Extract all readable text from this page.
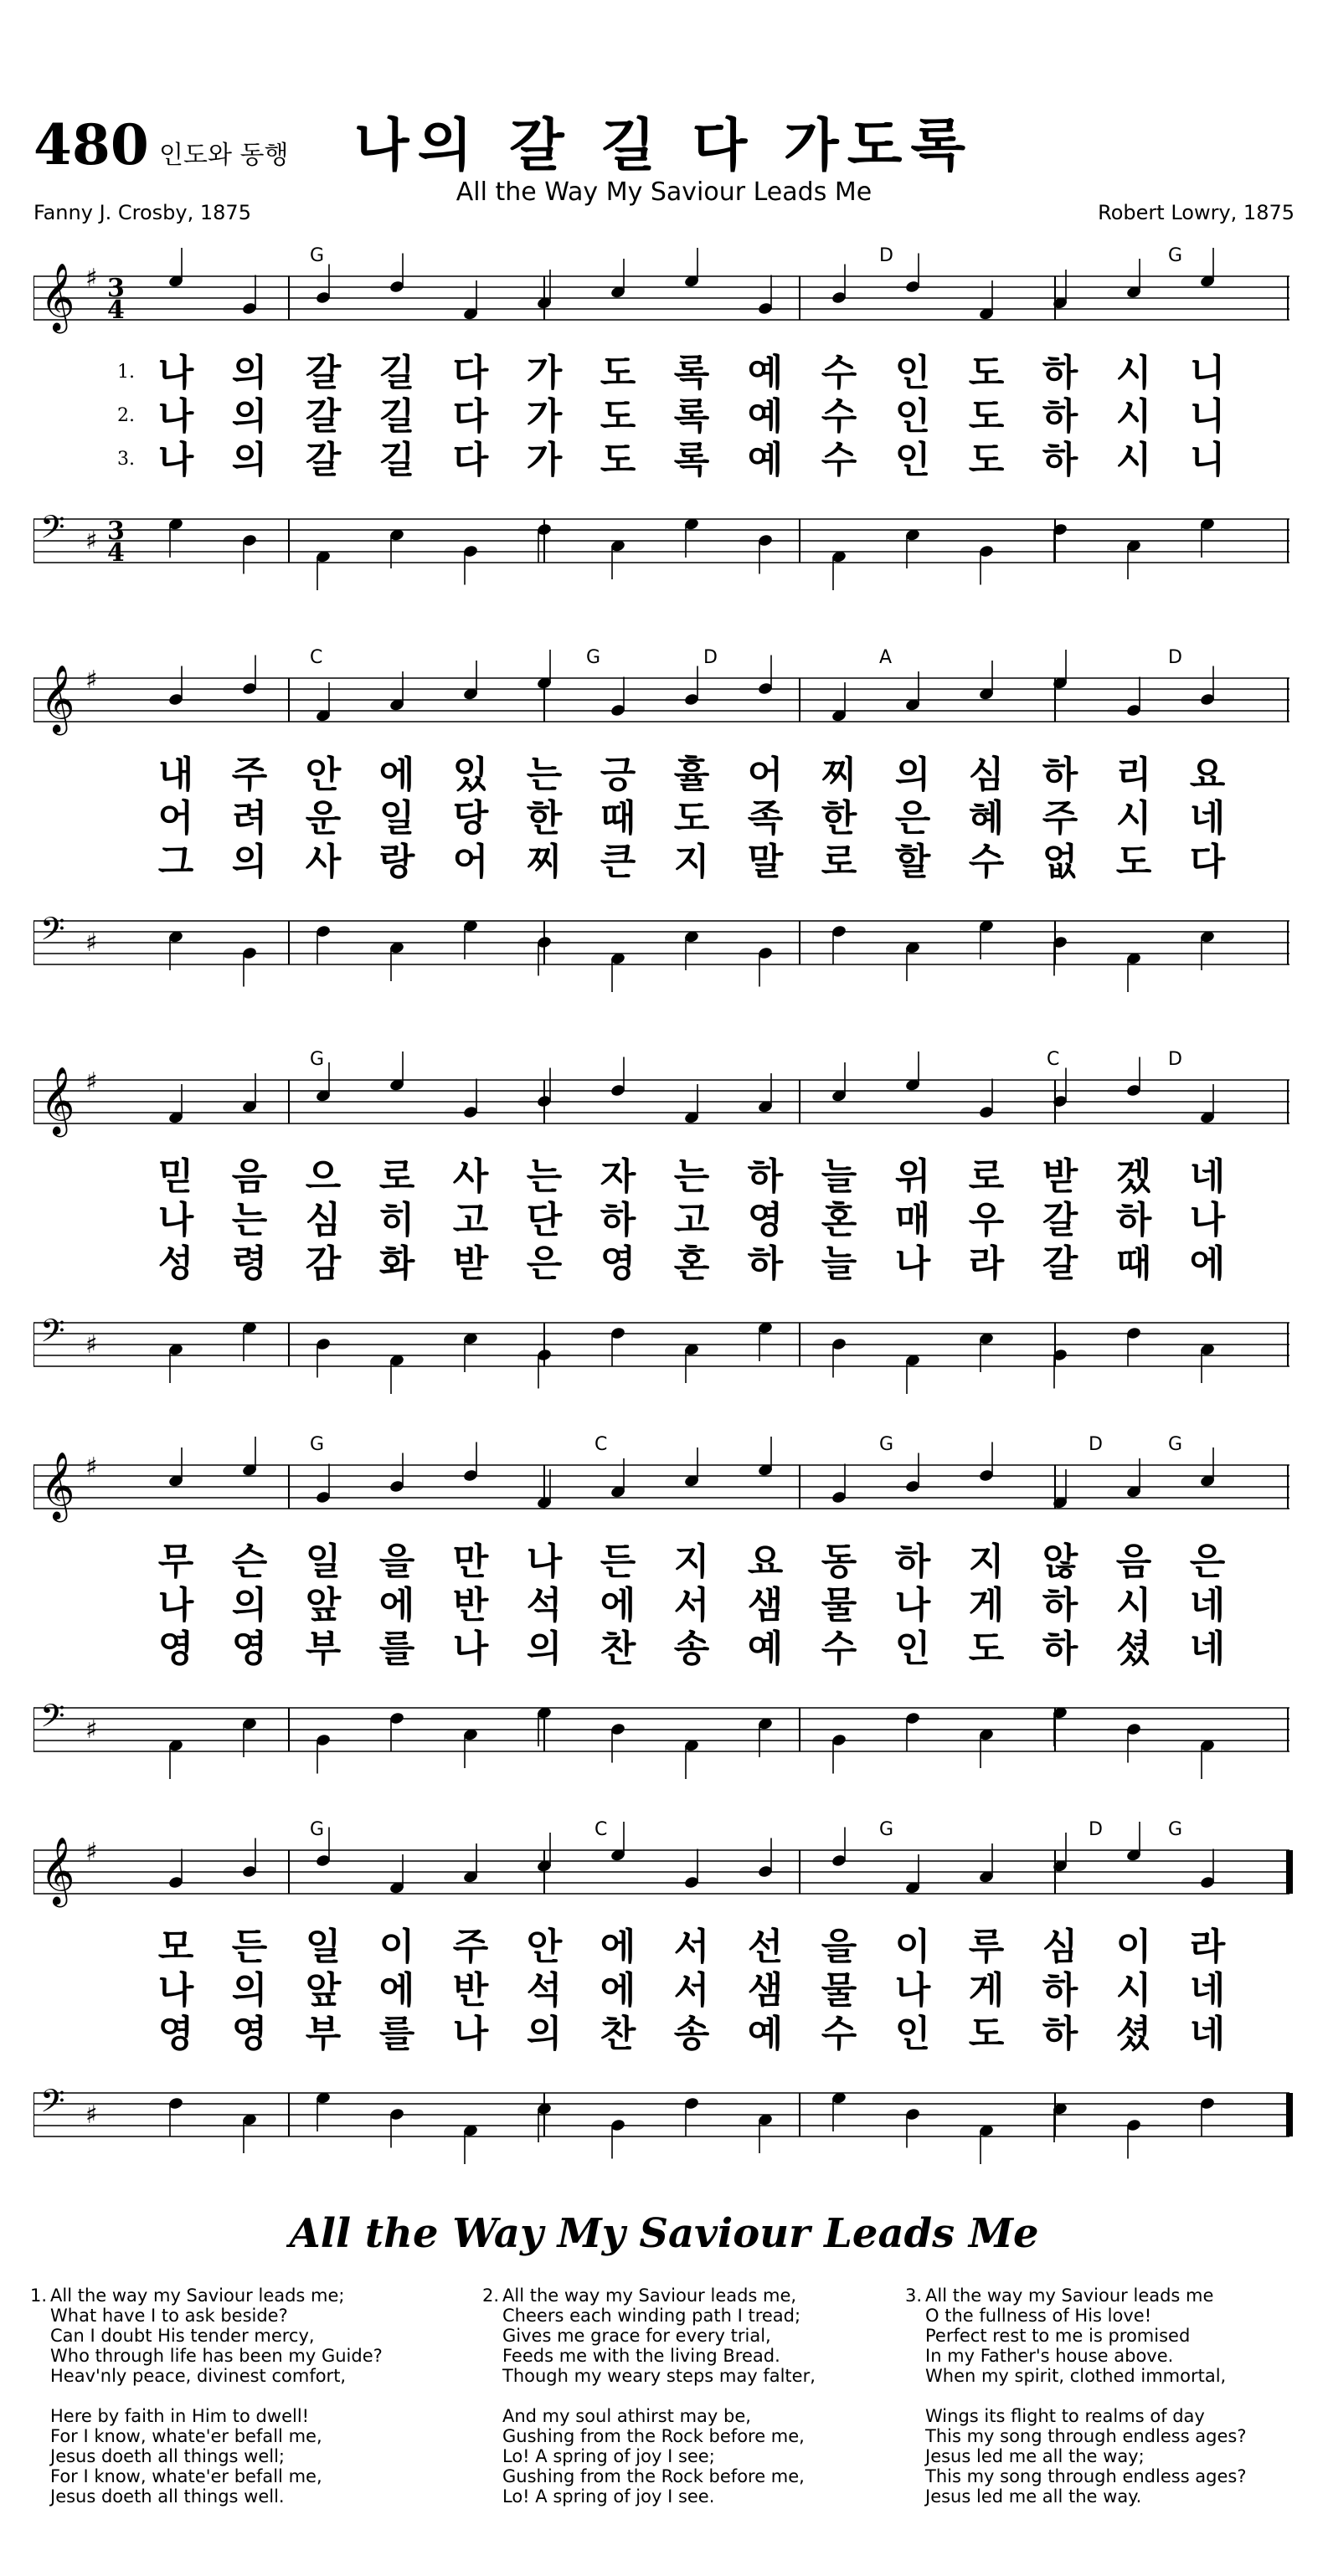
480 인도와 동행	나의 갈 길 다 가도록
All the Way My Saviour Leads Me
Fanny J. Crosby, 1875	Robert Lowry, 1875
𝄞 ♯ 3
4
𝄢 ♯ 3
4
G	D	G
1. 나 의 갈 길 다 가 도 록 예 수 인 도 하 시 니
2. 나 의 갈 길 다 가 도 록 예 수 인 도 하 시 니
3. 나 의 갈 길 다 가 도 록 예 수 인 도 하 시 니
𝄞 ♯
𝄢 ♯
C	G	D	A	D
내 주 안 에 있 는 긍 휼 어 찌 의 심 하 리 요
어 려 운 일 당 한 때 도 족 한 은 혜 주 시 네
그 의 사 랑 어 찌 큰 지 말 로 할 수 없 도 다
𝄞 ♯
𝄢 ♯
G	C	D
믿 음 으 로 사 는 자 는 하 늘 위 로 받 겠 네
나 는 심 히 고 단 하 고 영 혼 매 우 갈 하 나
성 령 감 화 받 은 영 혼 하 늘 나 라 갈 때 에
𝄞 ♯
𝄢 ♯
G	C	G	D	G
무 슨 일 을 만 나 든 지 요 동 하 지 않 음 은
나 의 앞 에 반 석 에 서 샘 물 나 게 하 시 네
영 영 부 를 나 의 찬 송 예 수 인 도 하 셨 네
𝄞 ♯
𝄢 ♯
G	C	G	D	G
모 든 일 이 주 안 에 서 선 을 이 루 심 이 라
나 의 앞 에 반 석 에 서 샘 물 나 게 하 시 네
영 영 부 를 나 의 찬 송 예 수 인 도 하 셨 네
All the Way My Saviour Leads Me
1. All the way my Saviour leads me;
What have I to ask beside?
Can I doubt His tender mercy,
Who through life has been my Guide?
Heav'nly peace, divinest comfort,
Here by faith in Him to dwell!
For I know, whate'er befall me,
Jesus doeth all things well;
For I know, whate'er befall me,
Jesus doeth all things well.
2. All the way my Saviour leads me,
Cheers each winding path I tread;
Gives me grace for every trial,
Feeds me with the living Bread.
Though my weary steps may falter,
And my soul athirst may be,
Gushing from the Rock before me,
Lo! A spring of joy I see;
Gushing from the Rock before me,
Lo! A spring of joy I see.
3. All the way my Saviour leads me
O the fullness of His love!
Perfect rest to me is promised
In my Father's house above.
When my spirit, clothed immortal,
Wings its flight to realms of day
This my song through endless ages?
Jesus led me all the way;
This my song through endless ages?
Jesus led me all the way.
